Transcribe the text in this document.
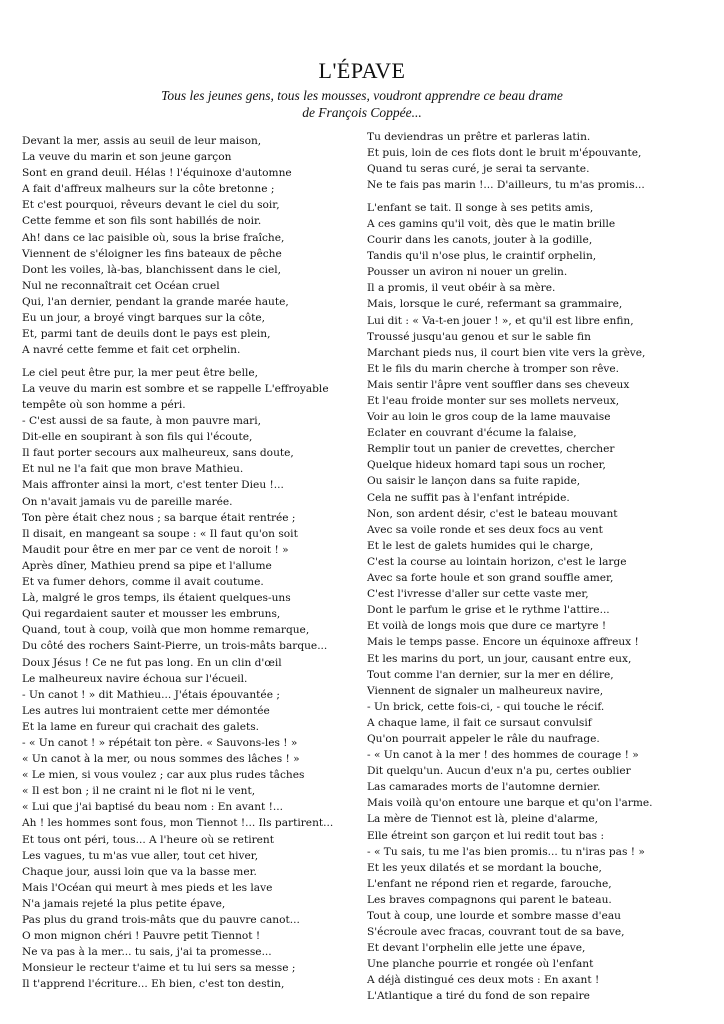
L'ÉPAVE
Tous les jeunes gens, tous les mousses, voudront apprendre ce beau drame
de François Coppée...

Devant la mer, assis au seuil de leur maison,

La veuve du marin et son jeune garçon

Sont en grand deuil. Hélas ! l'équinoxe d'automne

A fait d'affreux malheurs sur la côte bretonne ;

Et c'est pourquoi, rêveurs devant le ciel du soir,

Cette femme et son fils sont habillés de noir.

Ah! dans ce lac paisible où, sous la brise fraîche,

Viennent de s'éloigner les fins bateaux de pêche

Dont les voiles, là-bas, blanchissent dans le ciel,

Nul ne reconnaîtrait cet Océan cruel

Qui, l'an dernier, pendant la grande marée haute,

Eu un jour, a broyé vingt barques sur la côte,

Et, parmi tant de deuils dont le pays est plein,

A navré cette femme et fait cet orphelin.

Le ciel peut être pur, la mer peut être belle,

La veuve du marin est sombre et se rappelle L'effroyable

tempête où son homme a péri.

- C'est aussi de sa faute, à mon pauvre mari,

Dit-elle en soupirant à son fils qui l'écoute,

Il faut porter secours aux malheureux, sans doute,

Et nul ne l'a fait que mon brave Mathieu.

Mais affronter ainsi la mort, c'est tenter Dieu !...

On n'avait jamais vu de pareille marée.

Ton père était chez nous ; sa barque était rentrée ;

Il disait, en mangeant sa soupe : « Il faut qu'on soit

Maudit pour être en mer par ce vent de noroit ! »

Après dîner, Mathieu prend sa pipe et l'allume

Et va fumer dehors, comme il avait coutume.

Là, malgré le gros temps, ils étaient quelques-uns

Qui regardaient sauter et mousser les embruns,

Quand, tout à coup, voilà que mon homme remarque,

Du côté des rochers Saint-Pierre, un trois-mâts barque...

Doux Jésus ! Ce ne fut pas long. En un clin d'œil

Le malheureux navire échoua sur l'écueil.

- Un canot ! » dit Mathieu... J'étais épouvantée ;

Les autres lui montraient cette mer démontée

Et la lame en fureur qui crachait des galets.

- « Un canot ! » répétait ton père. « Sauvons-les ! »

« Un canot à la mer, ou nous sommes des lâches ! »

« Le mien, si vous voulez ; car aux plus rudes tâches

« Il est bon ; il ne craint ni le flot ni le vent,

« Lui que j'ai baptisé du beau nom : En avant !...

Ah ! les hommes sont fous, mon Tiennot !... Ils partirent...

Et tous ont péri, tous... A l'heure où se retirent

Les vagues, tu m'as vue aller, tout cet hiver,

Chaque jour, aussi loin que va la basse mer.

Mais l'Océan qui meurt à mes pieds et les lave

N'a jamais rejeté la plus petite épave,

Pas plus du grand trois-mâts que du pauvre canot...

O mon mignon chéri ! Pauvre petit Tiennot !

Ne va pas à la mer... tu sais, j'ai ta promesse...

Monsieur le recteur t'aime et tu lui sers sa messe ;

Il t'apprend l'écriture... Eh bien, c'est ton destin,

Tu deviendras un prêtre et parleras latin.

Et puis, loin de ces flots dont le bruit m'épouvante,

Quand tu seras curé, je serai ta servante.

Ne te fais pas marin !... D'ailleurs, tu m'as promis...

L'enfant se tait. Il songe à ses petits amis,

A ces gamins qu'il voit, dès que le matin brille

Courir dans les canots, jouter à la godille,

Tandis qu'il n'ose plus, le craintif orphelin,

Pousser un aviron ni nouer un grelin.

Il a promis, il veut obéir à sa mère.

Mais, lorsque le curé, refermant sa grammaire,

Lui dit : « Va-t-en jouer ! », et qu'il est libre enfin,

Troussé jusqu'au genou et sur le sable fin

Marchant pieds nus, il court bien vite vers la grève,

Et le fils du marin cherche à tromper son rêve.

Mais sentir l'âpre vent souffler dans ses cheveux

Et l'eau froide monter sur ses mollets nerveux,

Voir au loin le gros coup de la lame mauvaise

Eclater en couvrant d'écume la falaise,

Remplir tout un panier de crevettes, chercher

Quelque hideux homard tapi sous un rocher,

Ou saisir le lançon dans sa fuite rapide,

Cela ne suffit pas à l'enfant intrépide.

Non, son ardent désir, c'est le bateau mouvant

Avec sa voile ronde et ses deux focs au vent

Et le lest de galets humides qui le charge,

C'est la course au lointain horizon, c'est le large

Avec sa forte houle et son grand souffle amer,

C'est l'ivresse d'aller sur cette vaste mer,

Dont le parfum le grise et le rythme l'attire...

Et voilà de longs mois que dure ce martyre !

Mais le temps passe. Encore un équinoxe affreux !

Et les marins du port, un jour, causant entre eux,

Tout comme l'an dernier, sur la mer en délire,

Viennent de signaler un malheureux navire,

- Un brick, cette fois-ci, - qui touche le récif.

A chaque lame, il fait ce sursaut convulsif

Qu'on pourrait appeler le râle du naufrage.

- « Un canot à la mer ! des hommes de courage ! »

Dit quelqu'un. Aucun d'eux n'a pu, certes oublier

Las camarades morts de l'automne dernier.

Mais voilà qu'on entoure une barque et qu'on l'arme.

La mère de Tiennot est là, pleine d'alarme,

Elle étreint son garçon et lui redit tout bas :

- « Tu sais, tu me l'as bien promis... tu n'iras pas ! »

Et les yeux dilatés et se mordant la bouche,

L'enfant ne répond rien et regarde, farouche,

Les braves compagnons qui parent le bateau.

Tout à coup, une lourde et sombre masse d'eau

S'écroule avec fracas, couvrant tout de sa bave,

Et devant l'orphelin elle jette une épave,

Une planche pourrie et rongée où l'enfant

A déjà distingué ces deux mots : En axant !

L'Atlantique a tiré du fond de son repaire
